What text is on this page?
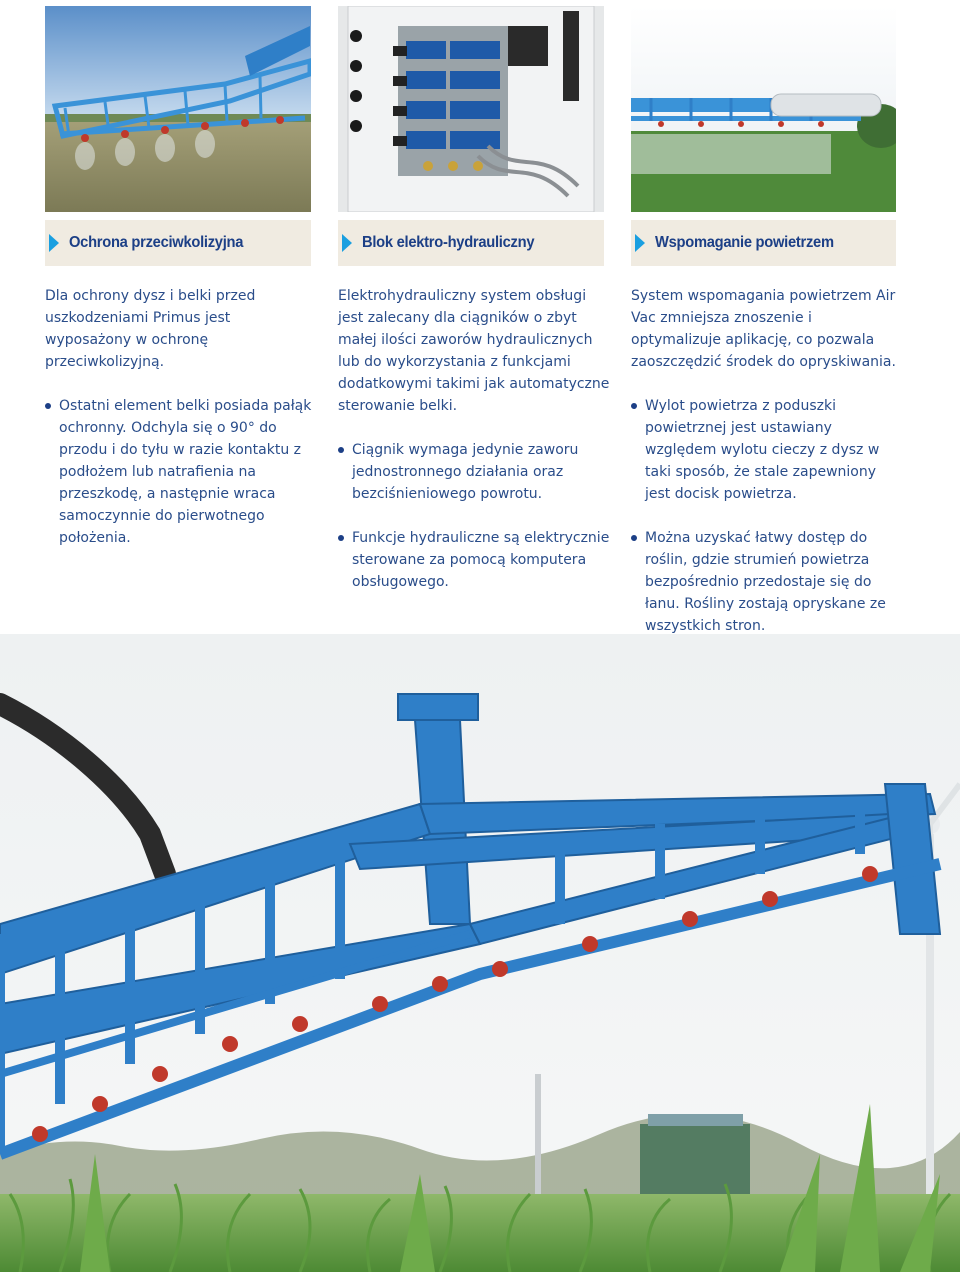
Ochrona przeciwkolizyjna	Blok elektro-hydrauliczny	Wspomaganie powietrzem

Dla ochrony dysz i belki przed uszkodzeniami Primus jest wyposażony w ochronę przeciwkolizyjną.

Ostatni element belki posiada pałąk ochronny. Odchyla się o 90° do przodu i do tyłu w razie kontaktu z podłożem lub natrafienia na przeszkodę, a następnie wraca samoczynnie do pierwotnego położenia.

Elektrohydrauliczny system obsługi jest zalecany dla ciągników o zbyt małej ilości zaworów hydraulicznych lub do wykorzystania z funkcjami dodatkowymi takimi jak automatyczne sterowanie belki.

Ciągnik wymaga jedynie zaworu jednostronnego działania oraz bezciśnieniowego powrotu.
Funkcje hydrauliczne są elektrycznie sterowane za pomocą komputera obsługowego.

System wspomagania powietrzem Air Vac zmniejsza znoszenie i optymalizuje aplikację, co pozwala zaoszczędzić środek do opryskiwania.

Wylot powietrza z poduszki powietrznej jest ustawiany względem wylotu cieczy z dysz w taki sposób, że stale zapewniony jest docisk powietrza.
Można uzyskać łatwy dostęp do roślin, gdzie strumień powietrza bezpośrednio przedostaje się do łanu. Rośliny zostają opryskane ze wszystkich stron.
